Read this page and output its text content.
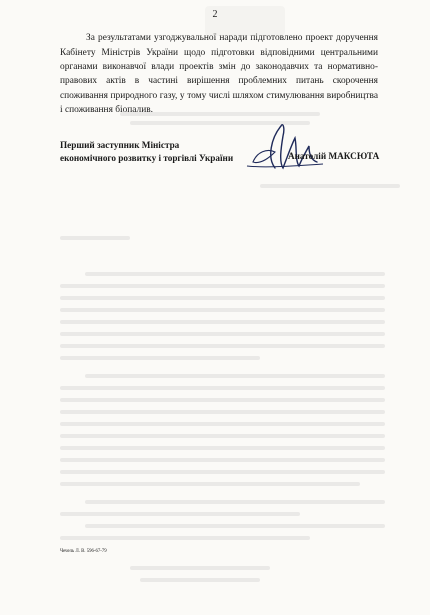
2

За результатами узгоджувальної наради підготовлено проект доручення Кабінету Міністрів України щодо підготовки відповідними центральними органами виконавчої влади проектів змін до законодавчих та нормативно-правових актів в частині вирішення проблемних питань скорочення споживання природного газу, у тому числі шляхом стимулювання виробництва і споживання біопалив.

Перший заступник Міністра
економічного розвитку і торгівлі України	Анатолій МАКСЮТА
Чечель Л. В. 596-67-79
